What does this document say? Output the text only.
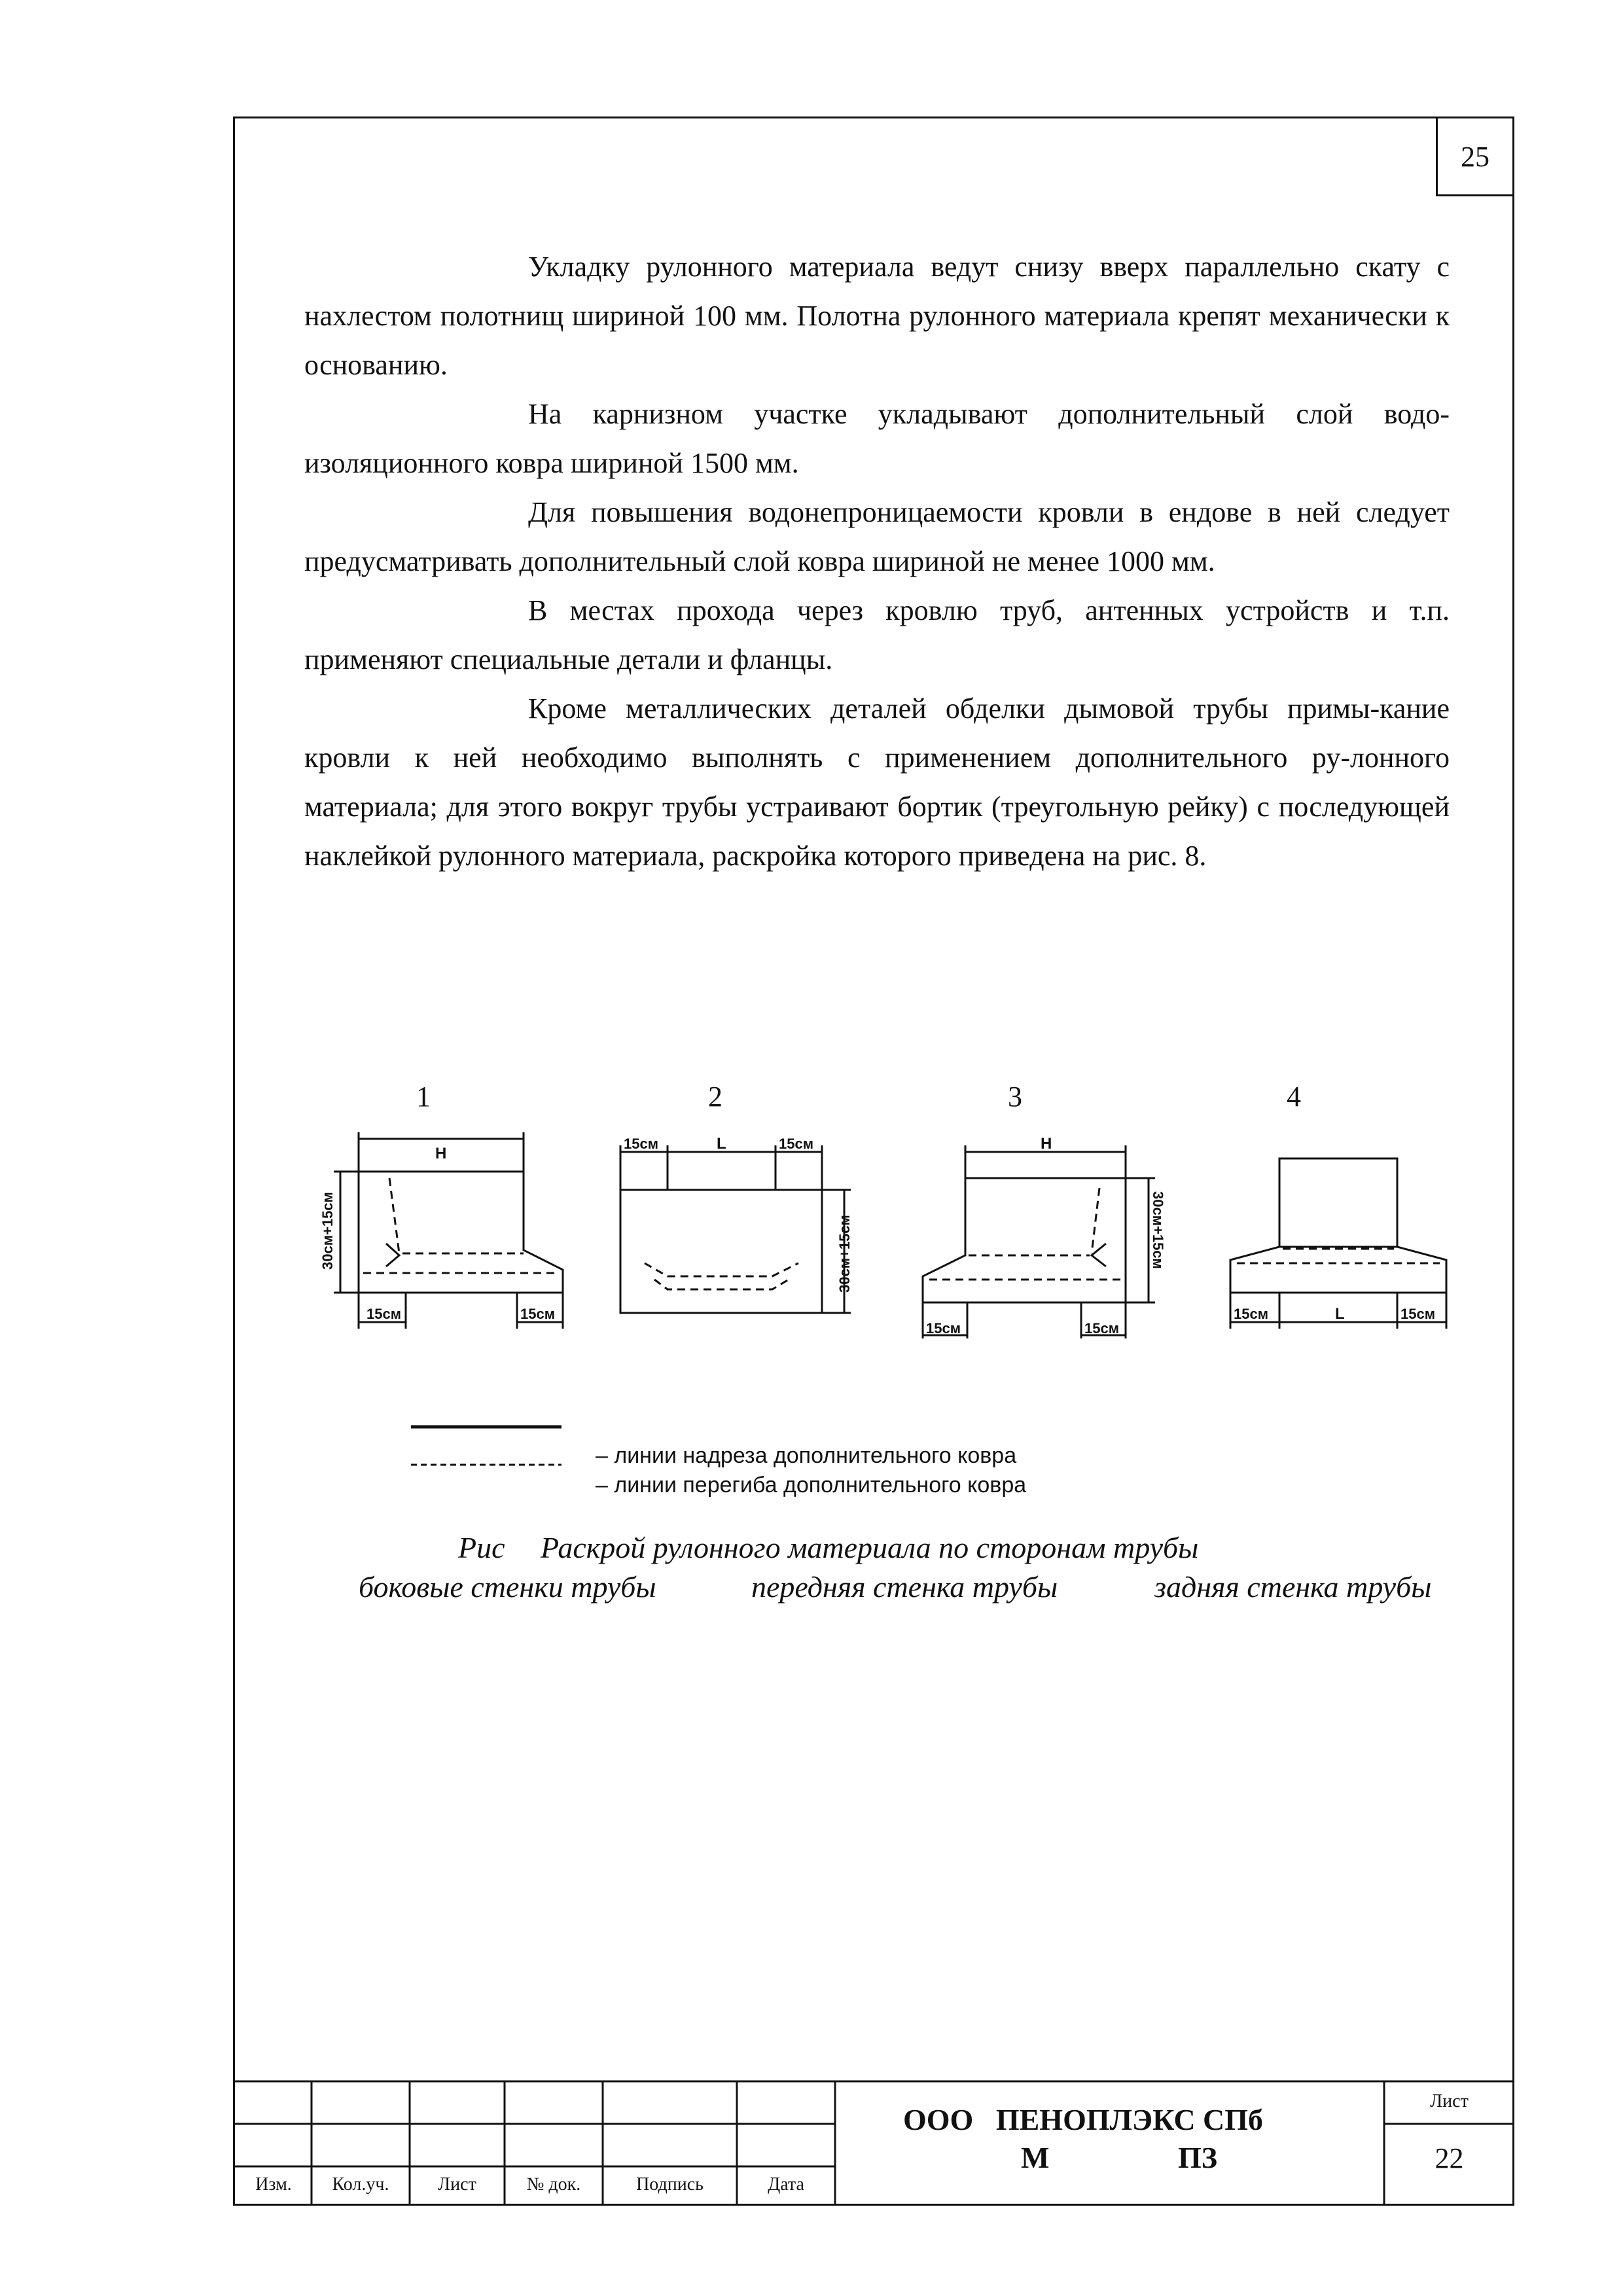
25

Укладку рулонного материала ведут снизу вверх параллельно скату с нахлестом полотнищ шириной 100 мм. Полотна рулонного материала крепят механически к основанию.

На карнизном участке укладывают дополнительный слой водо-изоляционного ковра шириной 1500 мм.

Для повышения водонепроницаемости кровли в ендове в ней следует предусматривать дополнительный слой ковра шириной не менее 1000 мм.

В местах прохода через кровлю труб, антенных устройств и т.п. применяют специальные детали и фланцы.

Кроме металлических деталей обделки дымовой трубы примы-кание кровли к ней необходимо выполнять с применением дополнительного ру-лонного материала; для этого вокруг трубы устраивают бортик (треугольную рейку) с последующей наклейкой рулонного материала, раскройка которого приведена на рис. 8.

1	2	3	4
H
15см	15см
30см+15см
15см	L	15см
30см+15см
H
15см	15см
30см+15см
15см	L	15см
– линии надреза дополнительного ковра
– линии перегиба дополнительного ковра
Рис Раскрой рулонного материала по сторонам трубы
боковые стенки трубы	передняя стенка трубы	задняя стенка трубы
Изм.	Кол.уч.	Лист	№ док.	Подпись	Дата
ООО   ПЕНОПЛЭКС СПб
М	ПЗ
Лист
22
